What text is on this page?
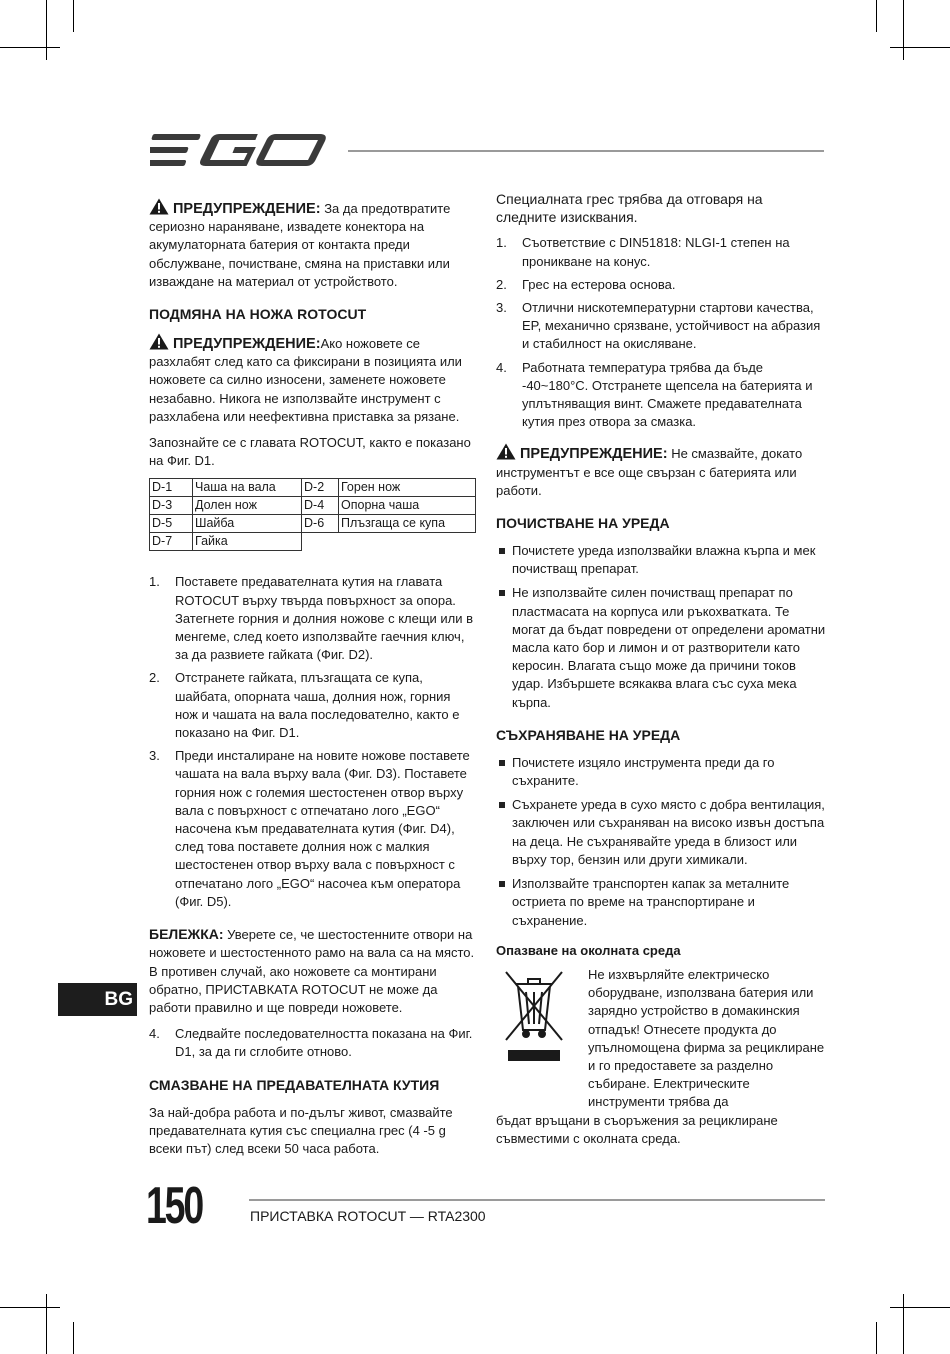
ПРЕДУПРЕЖДЕНИЕ: За да предотвратите сериозно нараняване, извадете конектора на акумулаторната батерия от контакта преди обслужване, почистване, смяна на приставки или изваждане на материал от устройството.

ПОДМЯНА НА НОЖА ROTOCUT

ПРЕДУПРЕЖДЕНИЕ:Ако ножовете се разхлабят след като са фиксирани в позицията или ножовете са силно износени, заменете ножовете незабавно. Никога не използвайте инструмент с разхлабена или неефективна приставка за рязане.

Запознайте се с главата ROTOCUT, както е показано на Фиг. D1.

D-1	Чаша на вала	D-2	Горен нож
D-3	Долен нож	D-4	Опорна чаша
D-5	Шайба	D-6	Плъзгаща се купа
D-7	Гайка		
1. Поставете предавателната кутия на главата ROTOCUT върху твърда повърхност за опора. Затегнете горния и долния ножове с клещи или в менгеме, след което използвайте гаечния ключ, за да развиете гайката (Фиг. D2).
2. Отстранете гайката, плъзгащата се купа, шайбата, опорната чаша, долния нож, горния нож и чашата на вала последователно, както е показано на Фиг. D1.
3. Преди инсталиране на новите ножове поставете чашата на вала върху вала (Фиг. D3). Поставете горния нож с големия шестостенен отвор върху вала с повърхност с отпечатано лого „EGO“ насочена към предавателната кутия (Фиг. D4), след това поставете долния нож с малкия шестостенен отвор върху вала с повърхност с отпечатано лого „EGO“ насочеа към оператора (Фиг. D5).

БЕЛЕЖКА: Уверете се, че шестостенните отвори на ножовете и шестостенното рамо на вала са на място. В противен случай, ако ножовете са монтирани обратно, ПРИСТАВКАТА ROTOCUT не може да работи правилно и ще повреди ножовете.

4. Следвайте последователността показана на Фиг. D1, за да ги сглобите отново.
СМАЗВАНЕ НА ПРЕДАВАТЕЛНАТА КУТИЯ

За най-добра работа и по-дълъг живот, смазвайте предавателната кутия със специална грес (4 -5 g всеки път) след всеки 50 часа работа.

Специалната грес трябва да отговаря на следните изисквания.

1. Съответствие с DIN51818: NLGI-1 степен на проникване на конус.
2. Грес на естерова основа.
3. Отлични нискотемпературни стартови качества, EP, механично срязване, устойчивост на абразия и стабилност на окисляване.
4. Работната температура трябва да бъде -40~180°C. Отстранете щепсела на батерията и уплътняващия винт. Смажете предавателната кутия през отвора за смазка.

ПРЕДУПРЕЖДЕНИЕ: Не смазвайте, докато инструментът е все още свързан с батерията или работи.

ПОЧИСТВАНЕ НА УРЕДА
Почистете уреда използвайки влажна кърпа и мек почистващ препарат.
Не използвайте силен почистващ препарат по пластмасата на корпуса или ръкохватката. Те могат да бъдат повредени от определени ароматни масла като бор и лимон и от разтворители като керосин. Влагата също може да причини токов удар. Избършете всякаква влага със суха мека кърпа.
СЪХРАНЯВАНЕ НА УРЕДА
Почистете изцяло инструмента преди да го съхраните.
Съхранете уреда в сухо място с добра вентилация, заключен или съхраняван на високо извън достъпа на деца. Не съхранявайте уреда в близост или върху тор, бензин или други химикали.
Използвайте транспортен капак за металните остриета по време на транспортиране и съхранение.
Опазване на околната среда
Не изхвърляйте електрическо оборудване, използвана батерия или зарядно устройство в домакинския отпадък! Отнесете продукта до упълномощена фирма за рециклиране и го предоставете за разделно събиране. Електрическите инструменти трябва да

бъдат връщани в съоръжения за рециклиране съвместими с околната среда.

BG
150	ПРИСТАВКА ROTOCUT — RTA2300
